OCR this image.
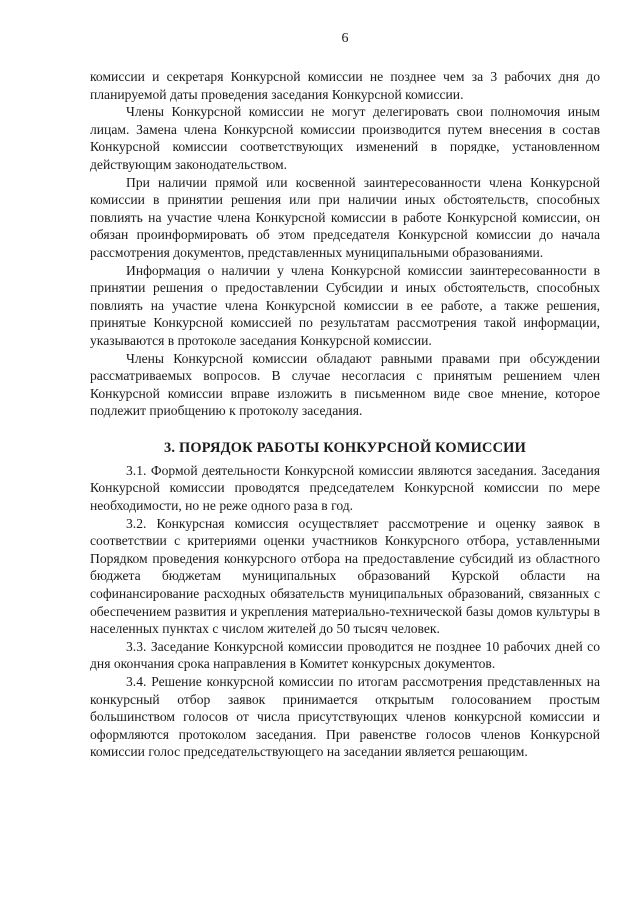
6

комиссии и секретаря Конкурсной комиссии не позднее чем за 3 рабочих дня до планируемой даты проведения заседания Конкурсной комиссии.

Члены Конкурсной комиссии не могут делегировать свои полномочия иным лицам. Замена члена Конкурсной комиссии производится путем внесения в состав Конкурсной комиссии соответствующих изменений в порядке, установленном действующим законодательством.

При наличии прямой или косвенной заинтересованности члена Конкурсной комиссии в принятии решения или при наличии иных обстоятельств, способных повлиять на участие члена Конкурсной комиссии в работе Конкурсной комиссии, он обязан проинформировать об этом председателя Конкурсной комиссии до начала рассмотрения документов, представленных муниципальными образованиями.

Информация о наличии у члена Конкурсной комиссии заинтересованности в принятии решения о предоставлении Субсидии и иных обстоятельств, способных повлиять на участие члена Конкурсной комиссии в ее работе, а также решения, принятые Конкурсной комиссией по результатам рассмотрения такой информации, указываются в протоколе заседания Конкурсной комиссии.

Члены Конкурсной комиссии обладают равными правами при обсуждении рассматриваемых вопросов. В случае несогласия с принятым решением член Конкурсной комиссии вправе изложить в письменном виде свое мнение, которое подлежит приобщению к протоколу заседания.

3. ПОРЯДОК РАБОТЫ КОНКУРСНОЙ КОМИССИИ

3.1. Формой деятельности Конкурсной комиссии являются заседания. Заседания Конкурсной комиссии проводятся председателем Конкурсной комиссии по мере необходимости, но не реже одного раза в год.

3.2. Конкурсная комиссия осуществляет рассмотрение и оценку заявок в соответствии с критериями оценки участников Конкурсного отбора, уставленными Порядком проведения конкурсного отбора на предоставление субсидий из областного бюджета бюджетам муниципальных образований Курской области на софинансирование расходных обязательств муниципальных образований, связанных с обеспечением развития и укрепления материально-технической базы домов культуры в населенных пунктах с числом жителей до 50 тысяч человек.

3.3. Заседание Конкурсной комиссии проводится не позднее 10 рабочих дней со дня окончания срока направления в Комитет конкурсных документов.

3.4. Решение конкурсной комиссии по итогам рассмотрения представленных на конкурсный отбор заявок принимается открытым голосованием простым большинством голосов от числа присутствующих членов конкурсной комиссии и оформляются протоколом заседания. При равенстве голосов членов Конкурсной комиссии голос председательствующего на заседании является решающим.
